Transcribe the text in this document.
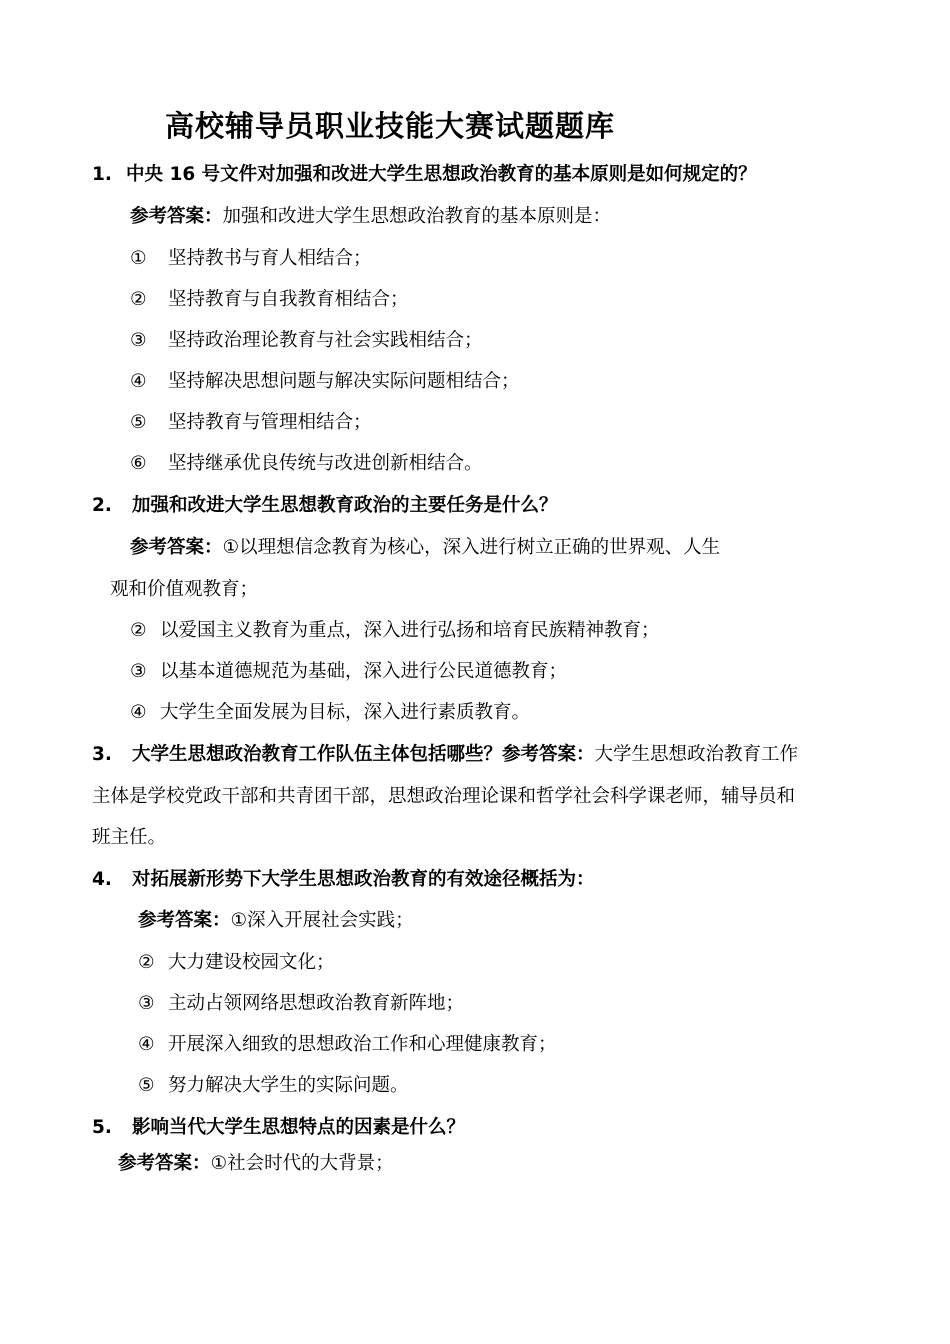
高校辅导员职业技能大赛试题题库
1. 中央 16 号文件对加强和改进大学生思想政治教育的基本原则是如何规定的？
参考答案：加强和改进大学生思想政治教育的基本原则是：
① 坚持教书与育人相结合；
② 坚持教育与自我教育相结合；
③ 坚持政治理论教育与社会实践相结合；
④ 坚持解决思想问题与解决实际问题相结合；
⑤ 坚持教育与管理相结合；
⑥ 坚持继承优良传统与改进创新相结合。
2. 加强和改进大学生思想教育政治的主要任务是什么？
参考答案：①以理想信念教育为核心，深入进行树立正确的世界观、人生
观和价值观教育；
② 以爱国主义教育为重点，深入进行弘扬和培育民族精神教育；
③ 以基本道德规范为基础，深入进行公民道德教育；
④ 大学生全面发展为目标，深入进行素质教育。
3. 大学生思想政治教育工作队伍主体包括哪些？参考答案：大学生思想政治教育工作
主体是学校党政干部和共青团干部，思想政治理论课和哲学社会科学课老师，辅导员和
班主任。
4. 对拓展新形势下大学生思想政治教育的有效途径概括为：
参考答案：①深入开展社会实践；
② 大力建设校园文化；
③ 主动占领网络思想政治教育新阵地；
④ 开展深入细致的思想政治工作和心理健康教育；
⑤ 努力解决大学生的实际问题。
5. 影响当代大学生思想特点的因素是什么？
参考答案：①社会时代的大背景；
